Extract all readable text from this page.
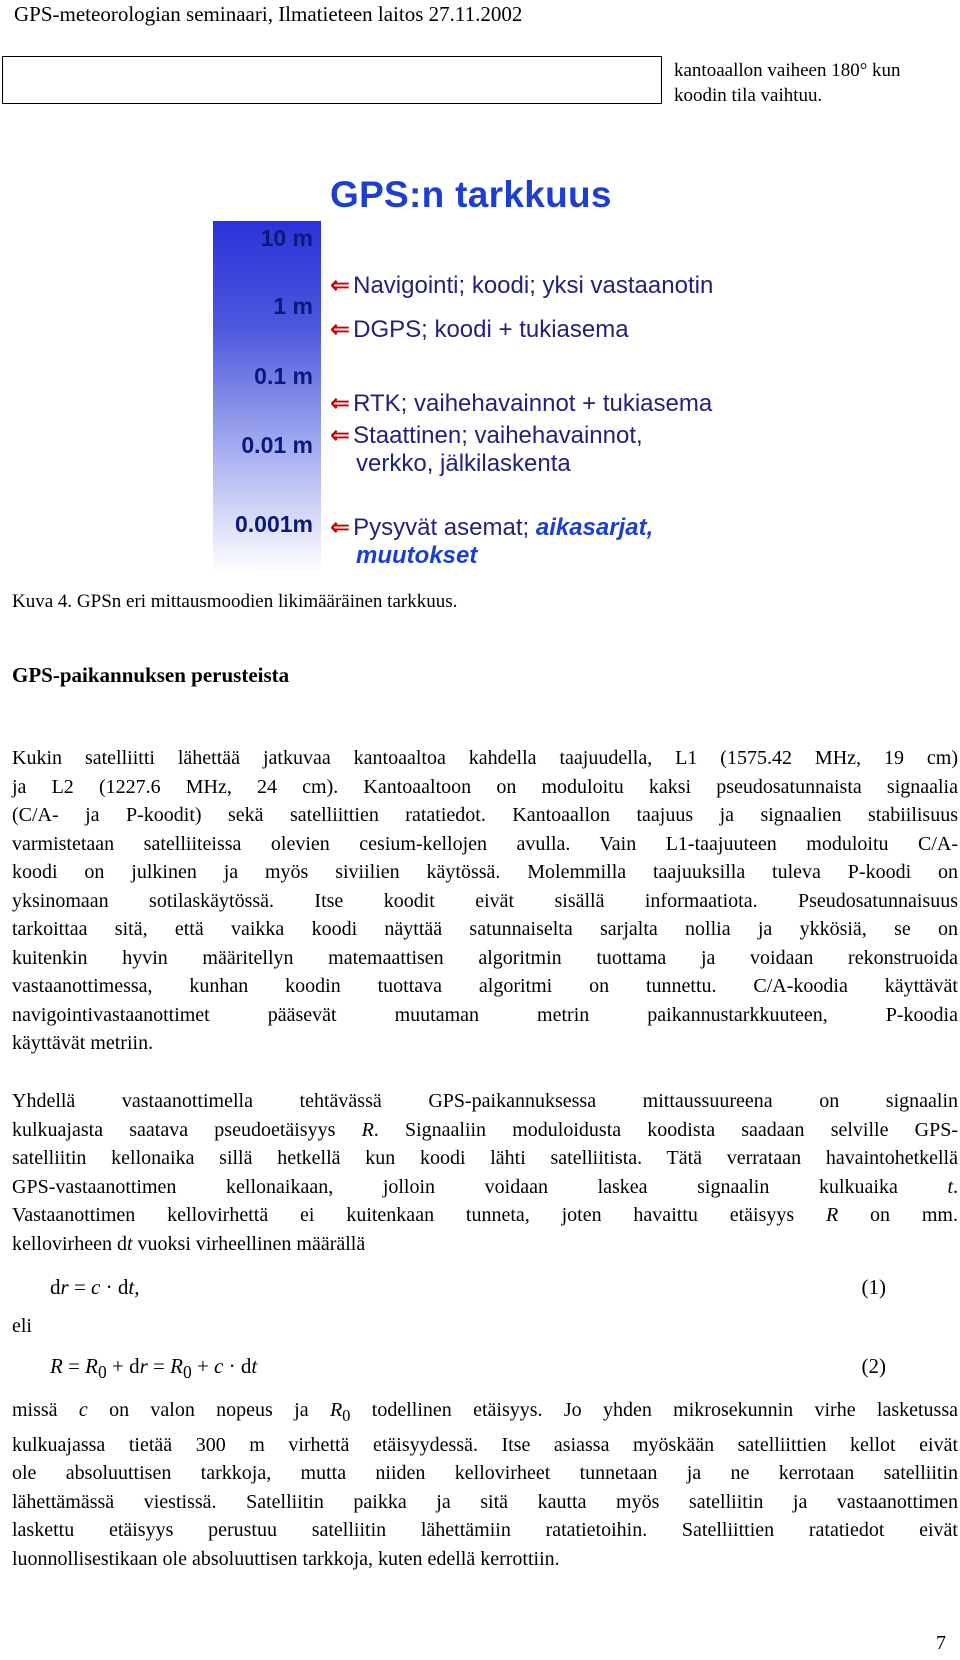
GPS-meteorologian seminaari, Ilmatieteen laitos 27.11.2002
kantoaallon vaiheen 180° kun
koodin tila vaihtuu.
GPS:n tarkkuus
10 m
1 m
0.1 m
0.01 m
0.001m
⇐ Navigointi; koodi; yksi vastaanotin
⇐ DGPS; koodi + tukiasema
⇐ RTK; vaihehavainnot + tukiasema
⇐ Staattinen; vaihehavainnot,
verkko, jälkilaskenta
⇐ Pysyvät asemat; aikasarjat,
muutokset
Kuva 4. GPSn eri mittausmoodien likimääräinen tarkkuus.
GPS-paikannuksen perusteista
Kukin satelliitti lähettää jatkuvaa kantoaaltoa kahdella taajuudella, L1 (1575.42 MHz, 19 cm)
ja L2 (1227.6 MHz, 24 cm). Kantoaaltoon on moduloitu kaksi pseudosatunnaista signaalia
(C/A- ja P-koodit) sekä satelliittien ratatiedot. Kantoaallon taajuus ja signaalien stabiilisuus
varmistetaan satelliiteissa olevien cesium-kellojen avulla. Vain L1-taajuuteen moduloitu C/A-
koodi on julkinen ja myös siviilien käytössä. Molemmilla taajuuksilla tuleva P-koodi on
yksinomaan sotilaskäytössä. Itse koodit eivät sisällä informaatiota. Pseudosatunnaisuus
tarkoittaa sitä, että vaikka koodi näyttää satunnaiselta sarjalta nollia ja ykkösiä, se on
kuitenkin hyvin määritellyn matemaattisen algoritmin tuottama ja voidaan rekonstruoida
vastaanottimessa, kunhan koodin tuottava algoritmi on tunnettu. C/A-koodia käyttävät
navigointivastaanottimet pääsevät muutaman metrin paikannustarkkuuteen, P-koodia
käyttävät metriin.
Yhdellä vastaanottimella tehtävässä GPS-paikannuksessa mittaussuureena on signaalin
kulkuajasta saatava pseudoetäisyys R. Signaaliin moduloidusta koodista saadaan selville GPS-
satelliitin kellonaika sillä hetkellä kun koodi lähti satelliitista. Tätä verrataan havaintohetkellä
GPS-vastaanottimen kellonaikaan, jolloin voidaan laskea signaalin kulkuaika t.
Vastaanottimen kellovirhettä ei kuitenkaan tunneta, joten havaittu etäisyys R on mm.
kellovirheen dt vuoksi virheellinen määrällä
dr = c · dt,	(1)
eli
$R = R_0$ + dr = $R_0 + c$ · dt	(2)
missä c on valon nopeus ja $R_0$ todellinen etäisyys. Jo yhden mikrosekunnin virhe lasketussa
kulkuajassa tietää 300 m virhettä etäisyydessä. Itse asiassa myöskään satelliittien kellot eivät
ole absoluuttisen tarkkoja, mutta niiden kellovirheet tunnetaan ja ne kerrotaan satelliitin
lähettämässä viestissä. Satelliitin paikka ja sitä kautta myös satelliitin ja vastaanottimen
laskettu etäisyys perustuu satelliitin lähettämiin ratatietoihin. Satelliittien ratatiedot eivät
luonnollisestikaan ole absoluuttisen tarkkoja, kuten edellä kerrottiin.
7
